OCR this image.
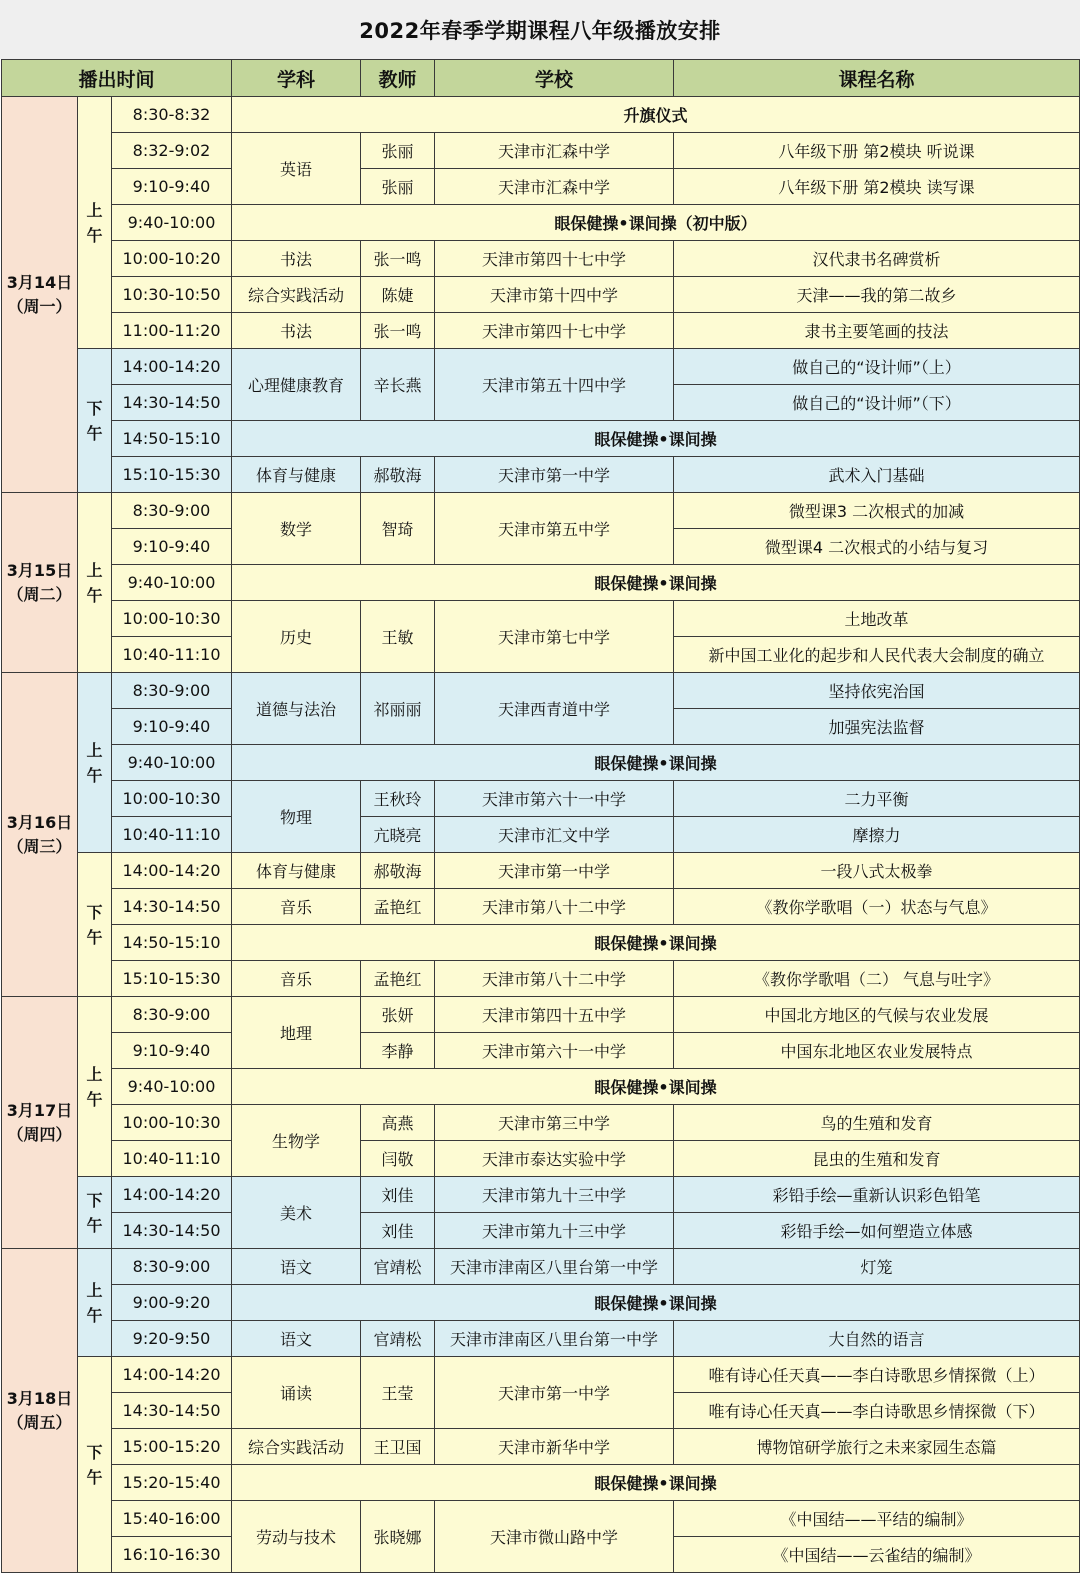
2022年春季学期课程八年级播放安排
播出时间			学科	教师	学校	课程名称

3月14日
（周一）	上午	8:30-8:32	升旗仪式			
		8:32-9:02	英语	张丽	天津市汇森中学	八年级下册 第2模块 听说课
		9:10-9:40		张丽	天津市汇森中学	八年级下册 第2模块 读写课
		9:40-10:00	眼保健操•课间操（初中版）			
		10:00-10:20	书法	张一鸣	天津市第四十七中学	汉代隶书名碑赏析
		10:30-10:50	综合实践活动	陈婕	天津市第十四中学	天津——我的第二故乡
		11:00-11:20	书法	张一鸣	天津市第四十七中学	隶书主要笔画的技法

	下午	14:00-14:20	心理健康教育	辛长燕	天津市第五十四中学	做自己的“设计师”（上）
		14:30-14:50				做自己的“设计师”（下）
		14:50-15:10	眼保健操•课间操			
		15:10-15:30	体育与健康	郝敬海	天津市第一中学	武术入门基础

3月15日
（周二）	上午	8:30-9:00	数学	智琦	天津市第五中学	微型课3 二次根式的加减
		9:10-9:40				微型课4 二次根式的小结与复习
		9:40-10:00	眼保健操•课间操			
		10:00-10:30	历史	王敏	天津市第七中学	土地改革
		10:40-11:10				新中国工业化的起步和人民代表大会制度的确立

3月16日
（周三）	上午	8:30-9:00	道德与法治	祁丽丽	天津西青道中学	坚持依宪治国
		9:10-9:40				加强宪法监督
		9:40-10:00	眼保健操•课间操			
		10:00-10:30	物理	王秋玲	天津市第六十一中学	二力平衡
		10:40-11:10		亢晓亮	天津市汇文中学	摩擦力

	下午	14:00-14:20	体育与健康	郝敬海	天津市第一中学	一段八式太极拳
		14:30-14:50	音乐	孟艳红	天津市第八十二中学	《教你学歌唱（一）状态与气息》
		14:50-15:10	眼保健操•课间操			
		15:10-15:30	音乐	孟艳红	天津市第八十二中学	《教你学歌唱（二） 气息与吐字》

3月17日
（周四）	上午	8:30-9:00	地理	张妍	天津市第四十五中学	中国北方地区的气候与农业发展
		9:10-9:40		李静	天津市第六十一中学	中国东北地区农业发展特点
		9:40-10:00	眼保健操•课间操			
		10:00-10:30	生物学	高燕	天津市第三中学	鸟的生殖和发育
		10:40-11:10		闫敬	天津市泰达实验中学	昆虫的生殖和发育

	下午	14:00-14:20	美术	刘佳	天津市第九十三中学	彩铅手绘—重新认识彩色铅笔
		14:30-14:50		刘佳	天津市第九十三中学	彩铅手绘—如何塑造立体感

3月18日
（周五）	上午	8:30-9:00	语文	官靖松	天津市津南区八里台第一中学	灯笼
		9:00-9:20	眼保健操•课间操			
		9:20-9:50	语文	官靖松	天津市津南区八里台第一中学	大自然的语言

	下午	14:00-14:20	诵读	王莹	天津市第一中学	唯有诗心任天真——李白诗歌思乡情探微（上）
		14:30-14:50				唯有诗心任天真——李白诗歌思乡情探微（下）
		15:00-15:20	综合实践活动	王卫国	天津市新华中学	博物馆研学旅行之未来家园生态篇
		15:20-15:40	眼保健操•课间操			
		15:40-16:00	劳动与技术	张晓娜	天津市微山路中学	《中国结——平结的编制》
		16:10-16:30				《中国结——云雀结的编制》
